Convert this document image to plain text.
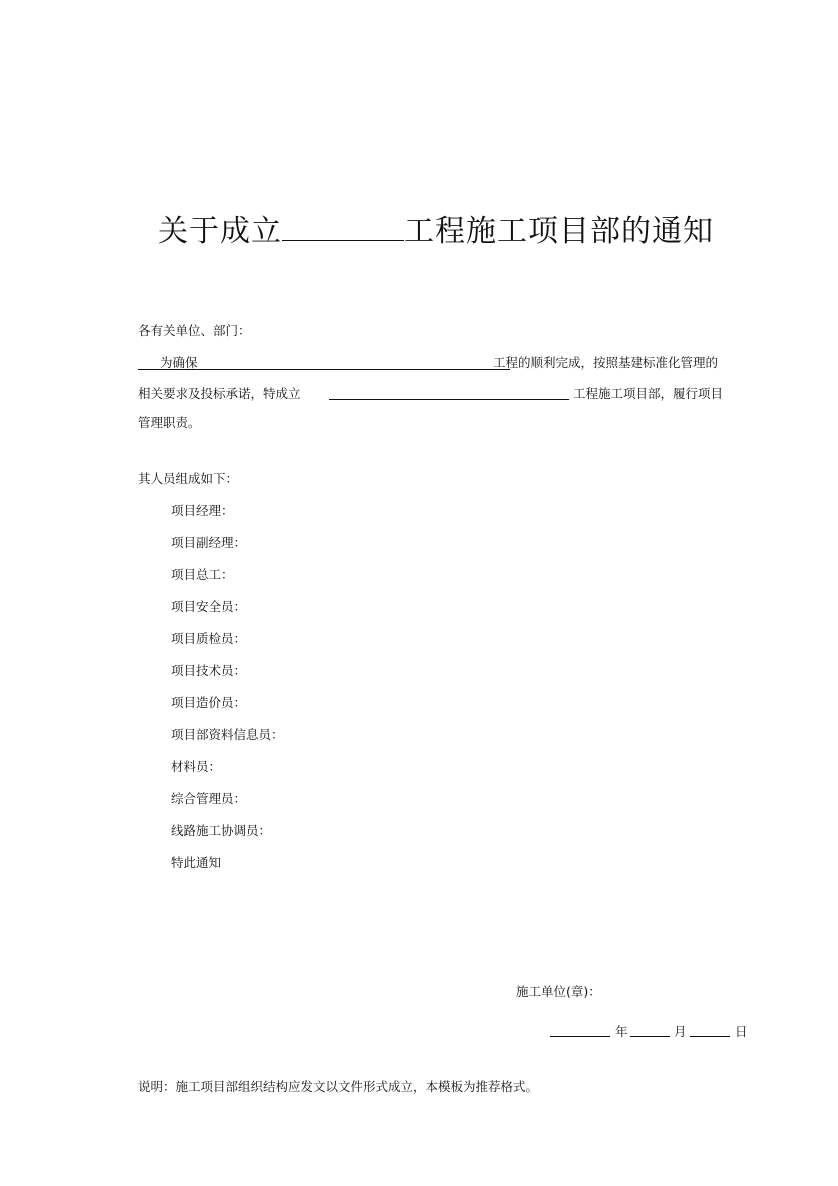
关于成立	工程施工项目部的通知
各有关单位、部门：
为确保	工程的顺利完成，按照基建标准化管理的
相关要求及投标承诺，特成立	工程施工项目部，履行项目
管理职责。
其人员组成如下：
项目经理：
项目副经理：
项目总工：
项目安全员：
项目质检员：
项目技术员：
项目造价员：
项目部资料信息员：
材料员：
综合管理员：
线路施工协调员：
特此通知
施工单位(章)：
年	月	日
说明：施工项目部组织结构应发文以文件形式成立，本模板为推荐格式。
